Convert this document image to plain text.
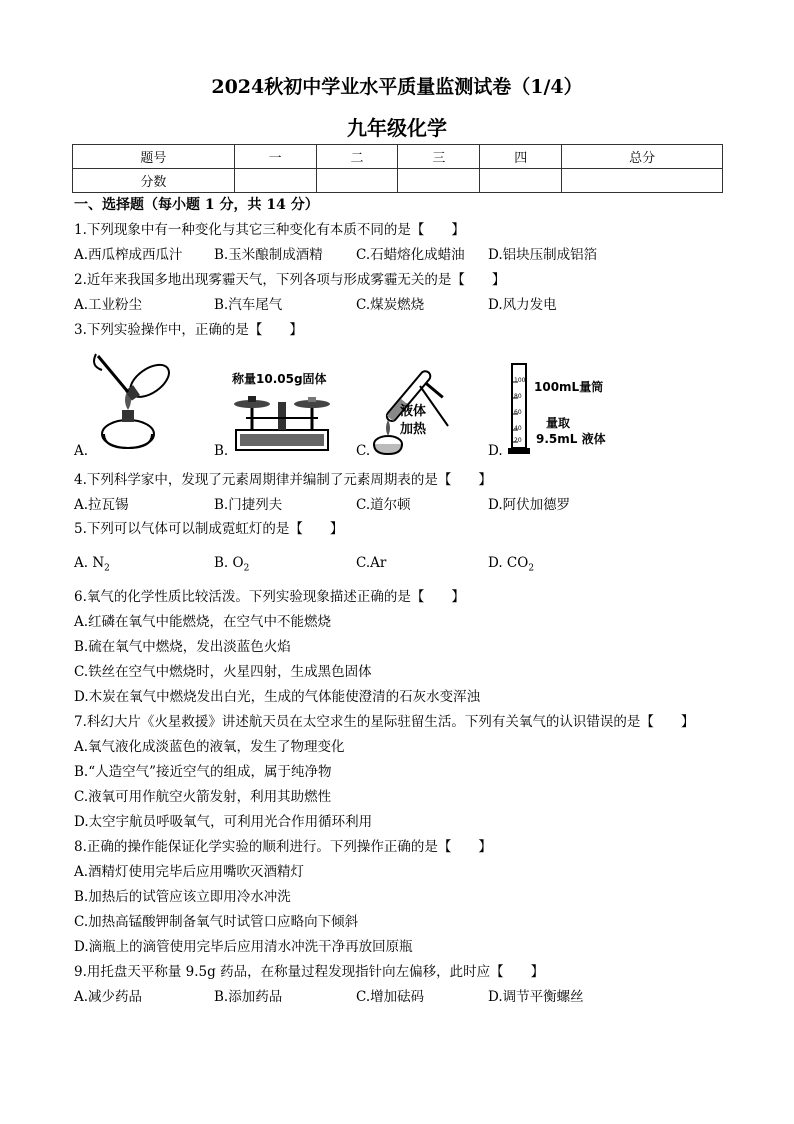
2024秋初中学业水平质量监测试卷（1/4）
九年级化学
题号	一	二	三	四	总分
分数					
一、选择题（每小题 1 分，共 14 分）
1.下列现象中有一种变化与其它三种变化有本质不同的是【　　】
A.西瓜榨成西瓜汁 B.玉米酿制成酒精 C.石蜡熔化成蜡油 D.铝块压制成铝箔
2.近年来我国多地出现雾霾天气，下列各项与形成雾霾无关的是【　　】
A.工业粉尘	B.汽车尾气	C.煤炭燃烧	D.风力发电
3.下列实验操作中，正确的是【　　】
A.
称量10.05g固体
B.
液体
加热
C.
100
80
60
40
20
100mL量筒
量取
9.5mL 液体
D.
4.下列科学家中，发现了元素周期律并编制了元素周期表的是【　　】
A.拉瓦锡	B.门捷列夫	C.道尔顿	D.阿伏加德罗
5.下列可以气体可以制成霓虹灯的是【　　】
A. $N_2$	B. $O_2$	C.Ar	D. $CO_2$
6.氧气的化学性质比较活泼。下列实验现象描述正确的是【　　】
A.红磷在氧气中能燃烧，在空气中不能燃烧
B.硫在氧气中燃烧，发出淡蓝色火焰
C.铁丝在空气中燃烧时，火星四射，生成黑色固体
D.木炭在氧气中燃烧发出白光，生成的气体能使澄清的石灰水变浑浊
7.科幻大片《火星救援》讲述航天员在太空求生的星际驻留生活。下列有关氧气的认识错误的是【　　】
A.氧气液化成淡蓝色的液氧，发生了物理变化
B.“人造空气”接近空气的组成，属于纯净物
C.液氧可用作航空火箭发射，利用其助燃性
D.太空宇航员呼吸氧气，可利用光合作用循环利用
8.正确的操作能保证化学实验的顺利进行。下列操作正确的是【　　】
A.酒精灯使用完毕后应用嘴吹灭酒精灯
B.加热后的试管应该立即用冷水冲洗
C.加热高锰酸钾制备氧气时试管口应略向下倾斜
D.滴瓶上的滴管使用完毕后应用清水冲洗干净再放回原瓶
9.用托盘天平称量 9.5g 药品，在称量过程发现指针向左偏移，此时应【　　】
A.减少药品	B.添加药品	C.增加砝码	D.调节平衡螺丝
